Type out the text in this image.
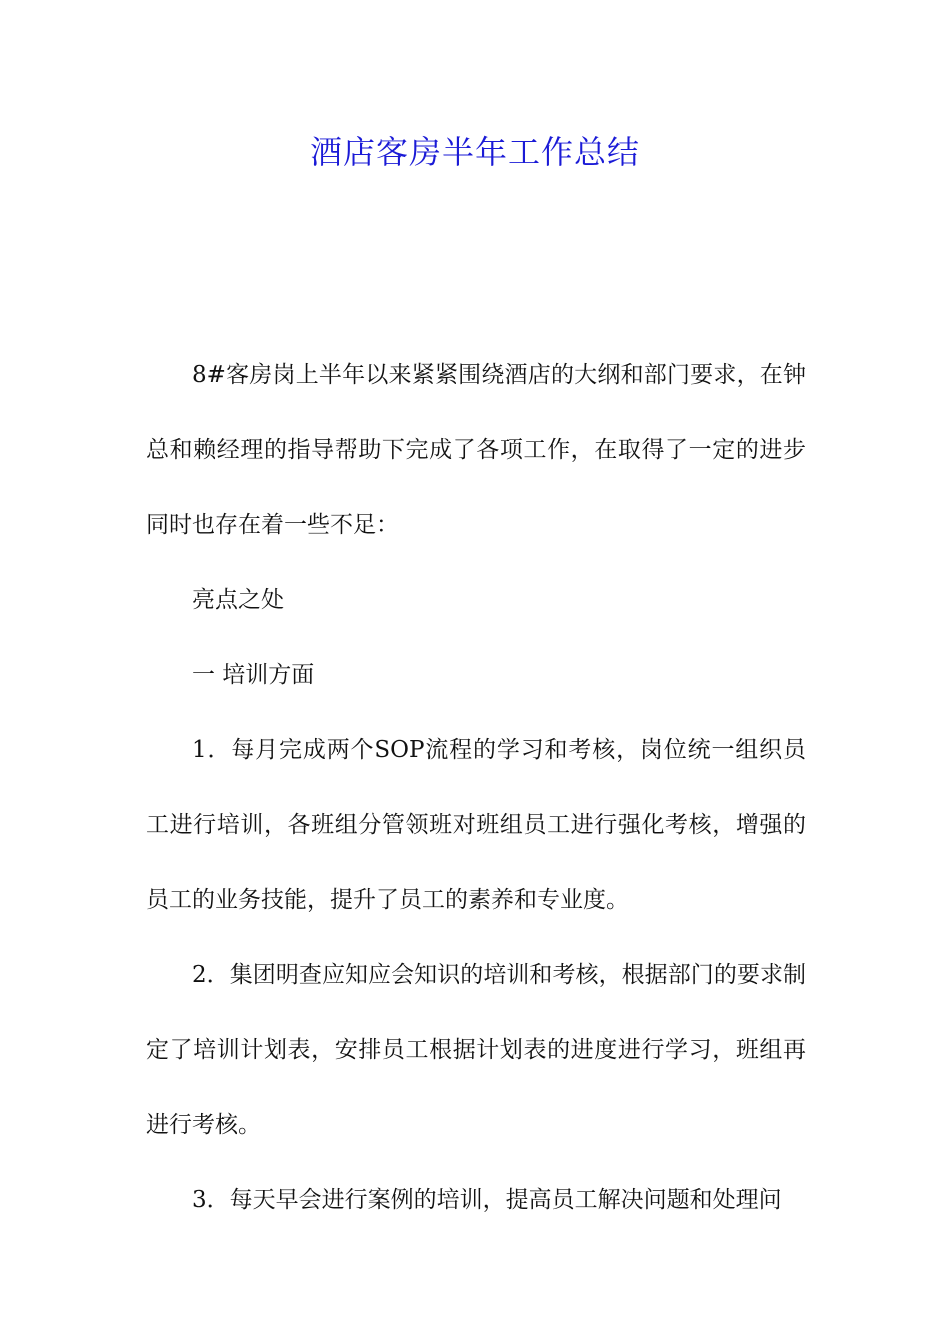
酒店客房半年工作总结

8#客房岗上半年以来紧紧围绕酒店的大纲和部门要求，在钟总和赖经理的指导帮助下完成了各项工作，在取得了一定的进步同时也存在着一些不足：

亮点之处

一 培训方面

1．每月完成两个SOP流程的学习和考核，岗位统一组织员工进行培训，各班组分管领班对班组员工进行强化考核，增强的员工的业务技能，提升了员工的素养和专业度。

2．集团明查应知应会知识的培训和考核，根据部门的要求制定了培训计划表，安排员工根据计划表的进度进行学习，班组再进行考核。

3．每天早会进行案例的培训，提高员工解决问题和处理问
